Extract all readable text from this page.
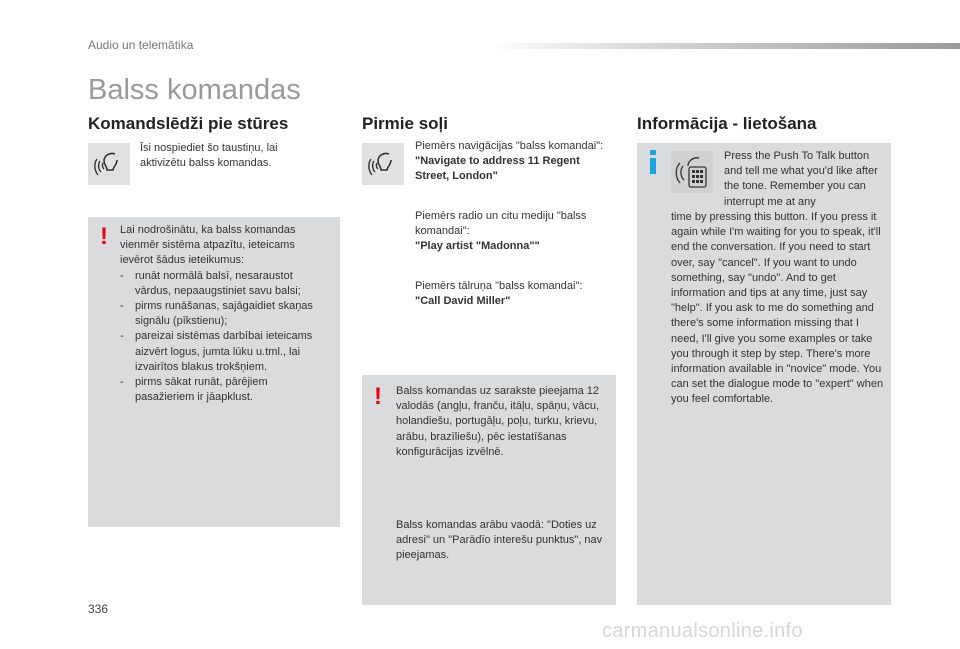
Audio un telemātika
Balss komandas
Komandslēdži pie stūres
Īsi nospiediet šo taustiņu, lai aktivizētu balss komandas.
! Lai nodrošinātu, ka balss komandas vienmēr sistēma atpazītu, ieteicams ievērot šādus ieteikumus:
- runāt normālā balsī, nesaraustot vārdus, nepaaugstiniet savu balsi;
- pirms runāšanas, sajāgaidiet skaņas signālu (pīkstienu);
- pareizai sistēmas darbībai ieteicams aizvērt logus, jumta lūku u.tml., lai izvairītos blakus trokšņiem.
- pirms sākat runāt, pārējiem pasažieriem ir jāapklust.
Pirmie soļi
Piemērs navigācijas "balss komandai":
"Navigate to address 11 Regent Street, London"
Piemērs radio un citu mediju "balss komandai":
"Play artist "Madonna""
Piemērs tālruņa "balss komandai":
"Call David Miller"
! Balss komandas uz sarakste pieejama 12 valodās (angļu, franču, itāļu, spāņu, vācu, holandiešu, portugāļu, poļu, turku, krievu, arābu, brazīliešu), pēc iestatīšanas konfigurācijas izvēlnē.
Balss komandas arābu vaodā: "Doties uz adresi" un "Parādīo interešu punktus", nav pieejamas.
Informācija - lietošana
Press the Push To Talk button and tell me what you'd like after the tone. Remember you can interrupt me at any
time by pressing this button. If you press it again while I'm waiting for you to speak, it'll end the conversation. If you need to start over, say "cancel". If you want to undo something, say "undo". And to get information and tips at any time, just say "help". If you ask to me do something and there's some information missing that I need, I'll give you some examples or take you through it step by step. There's more information available in "novice" mode. You can set the dialogue mode to "expert" when you feel comfortable.
336
carmanualsonline.info
